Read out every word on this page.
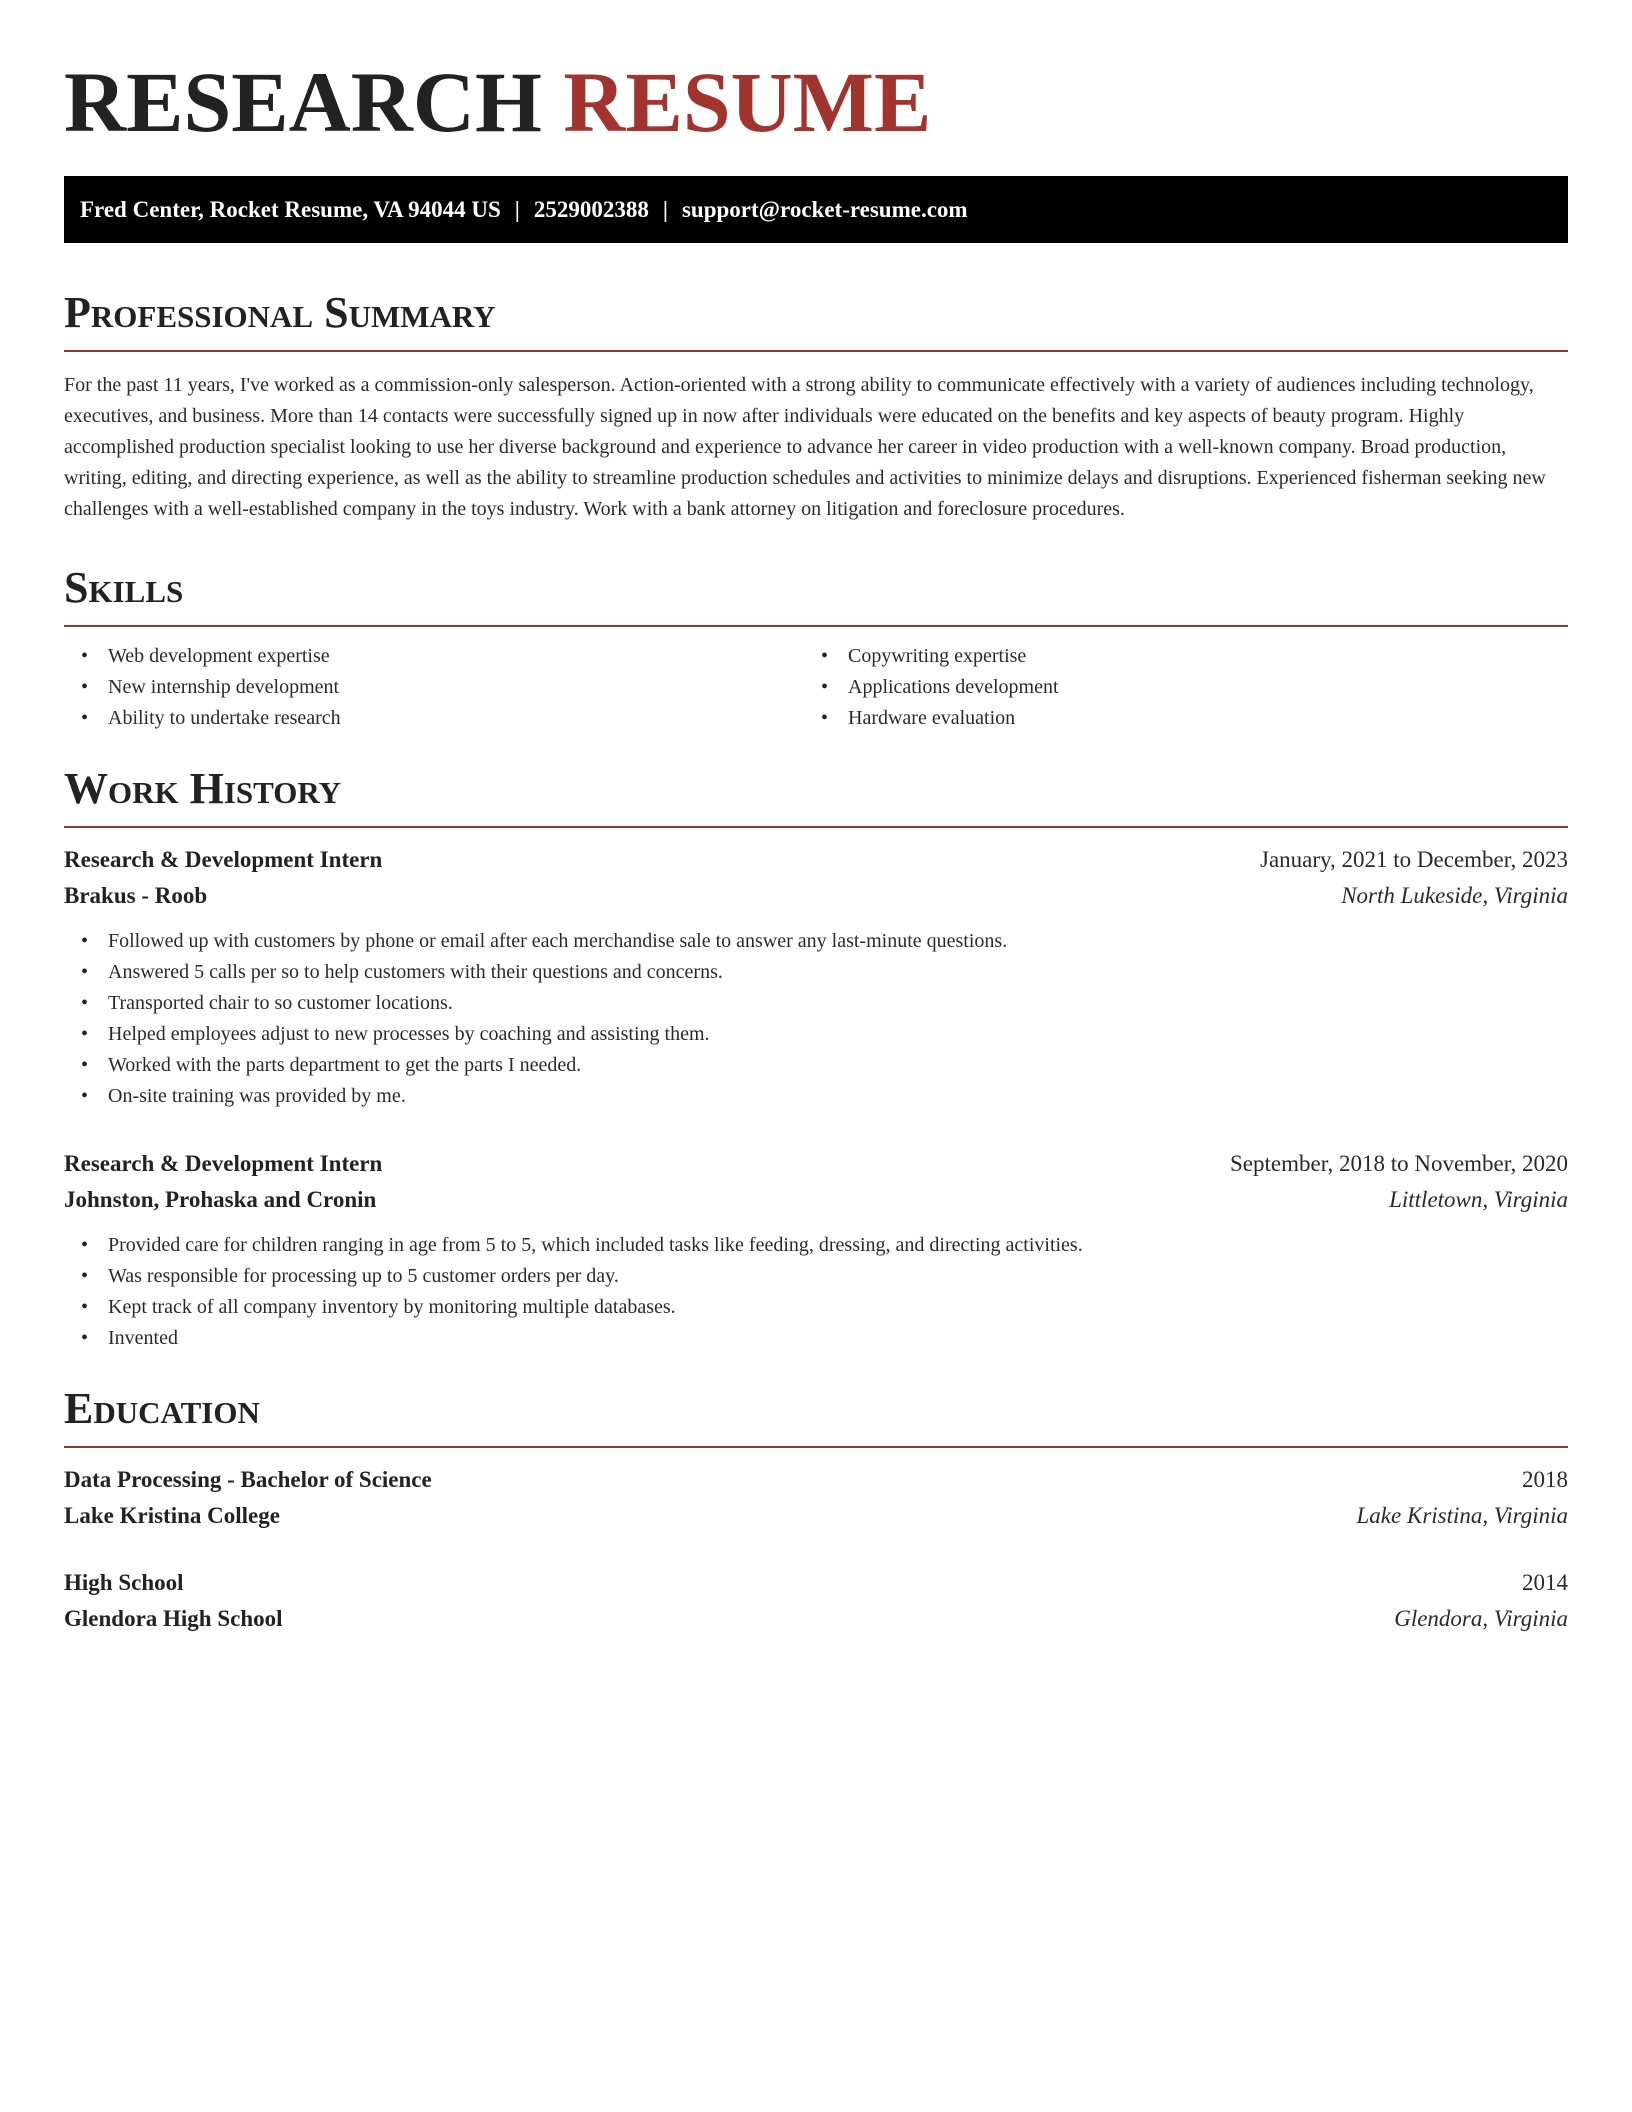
RESEARCH RESUME
Fred Center, Rocket Resume, VA 94044 US | 2529002388 | support@rocket-resume.com
Professional Summary

For the past 11 years, I've worked as a commission-only salesperson. Action-oriented with a strong ability to communicate effectively with a variety of audiences including technology, executives, and business. More than 14 contacts were successfully signed up in now after individuals were educated on the benefits and key aspects of beauty program. Highly accomplished production specialist looking to use her diverse background and experience to advance her career in video production with a well-known company. Broad production, writing, editing, and directing experience, as well as the ability to streamline production schedules and activities to minimize delays and disruptions. Experienced fisherman seeking new challenges with a well-established company in the toys industry. Work with a bank attorney on litigation and foreclosure procedures.

Skills
• Web development expertise
• New internship development
• Ability to undertake research
• Copywriting expertise
• Applications development
• Hardware evaluation
Work History
Research & Development Intern	January, 2021 to December, 2023
Brakus - Roob	North Lukeside, Virginia
• Followed up with customers by phone or email after each merchandise sale to answer any last-minute questions.
• Answered 5 calls per so to help customers with their questions and concerns.
• Transported chair to so customer locations.
• Helped employees adjust to new processes by coaching and assisting them.
• Worked with the parts department to get the parts I needed.
• On-site training was provided by me.
Research & Development Intern	September, 2018 to November, 2020
Johnston, Prohaska and Cronin	Littletown, Virginia
• Provided care for children ranging in age from 5 to 5, which included tasks like feeding, dressing, and directing activities.
• Was responsible for processing up to 5 customer orders per day.
• Kept track of all company inventory by monitoring multiple databases.
• Invented
Education
Data Processing - Bachelor of Science	2018
Lake Kristina College	Lake Kristina, Virginia
High School	2014
Glendora High School	Glendora, Virginia
